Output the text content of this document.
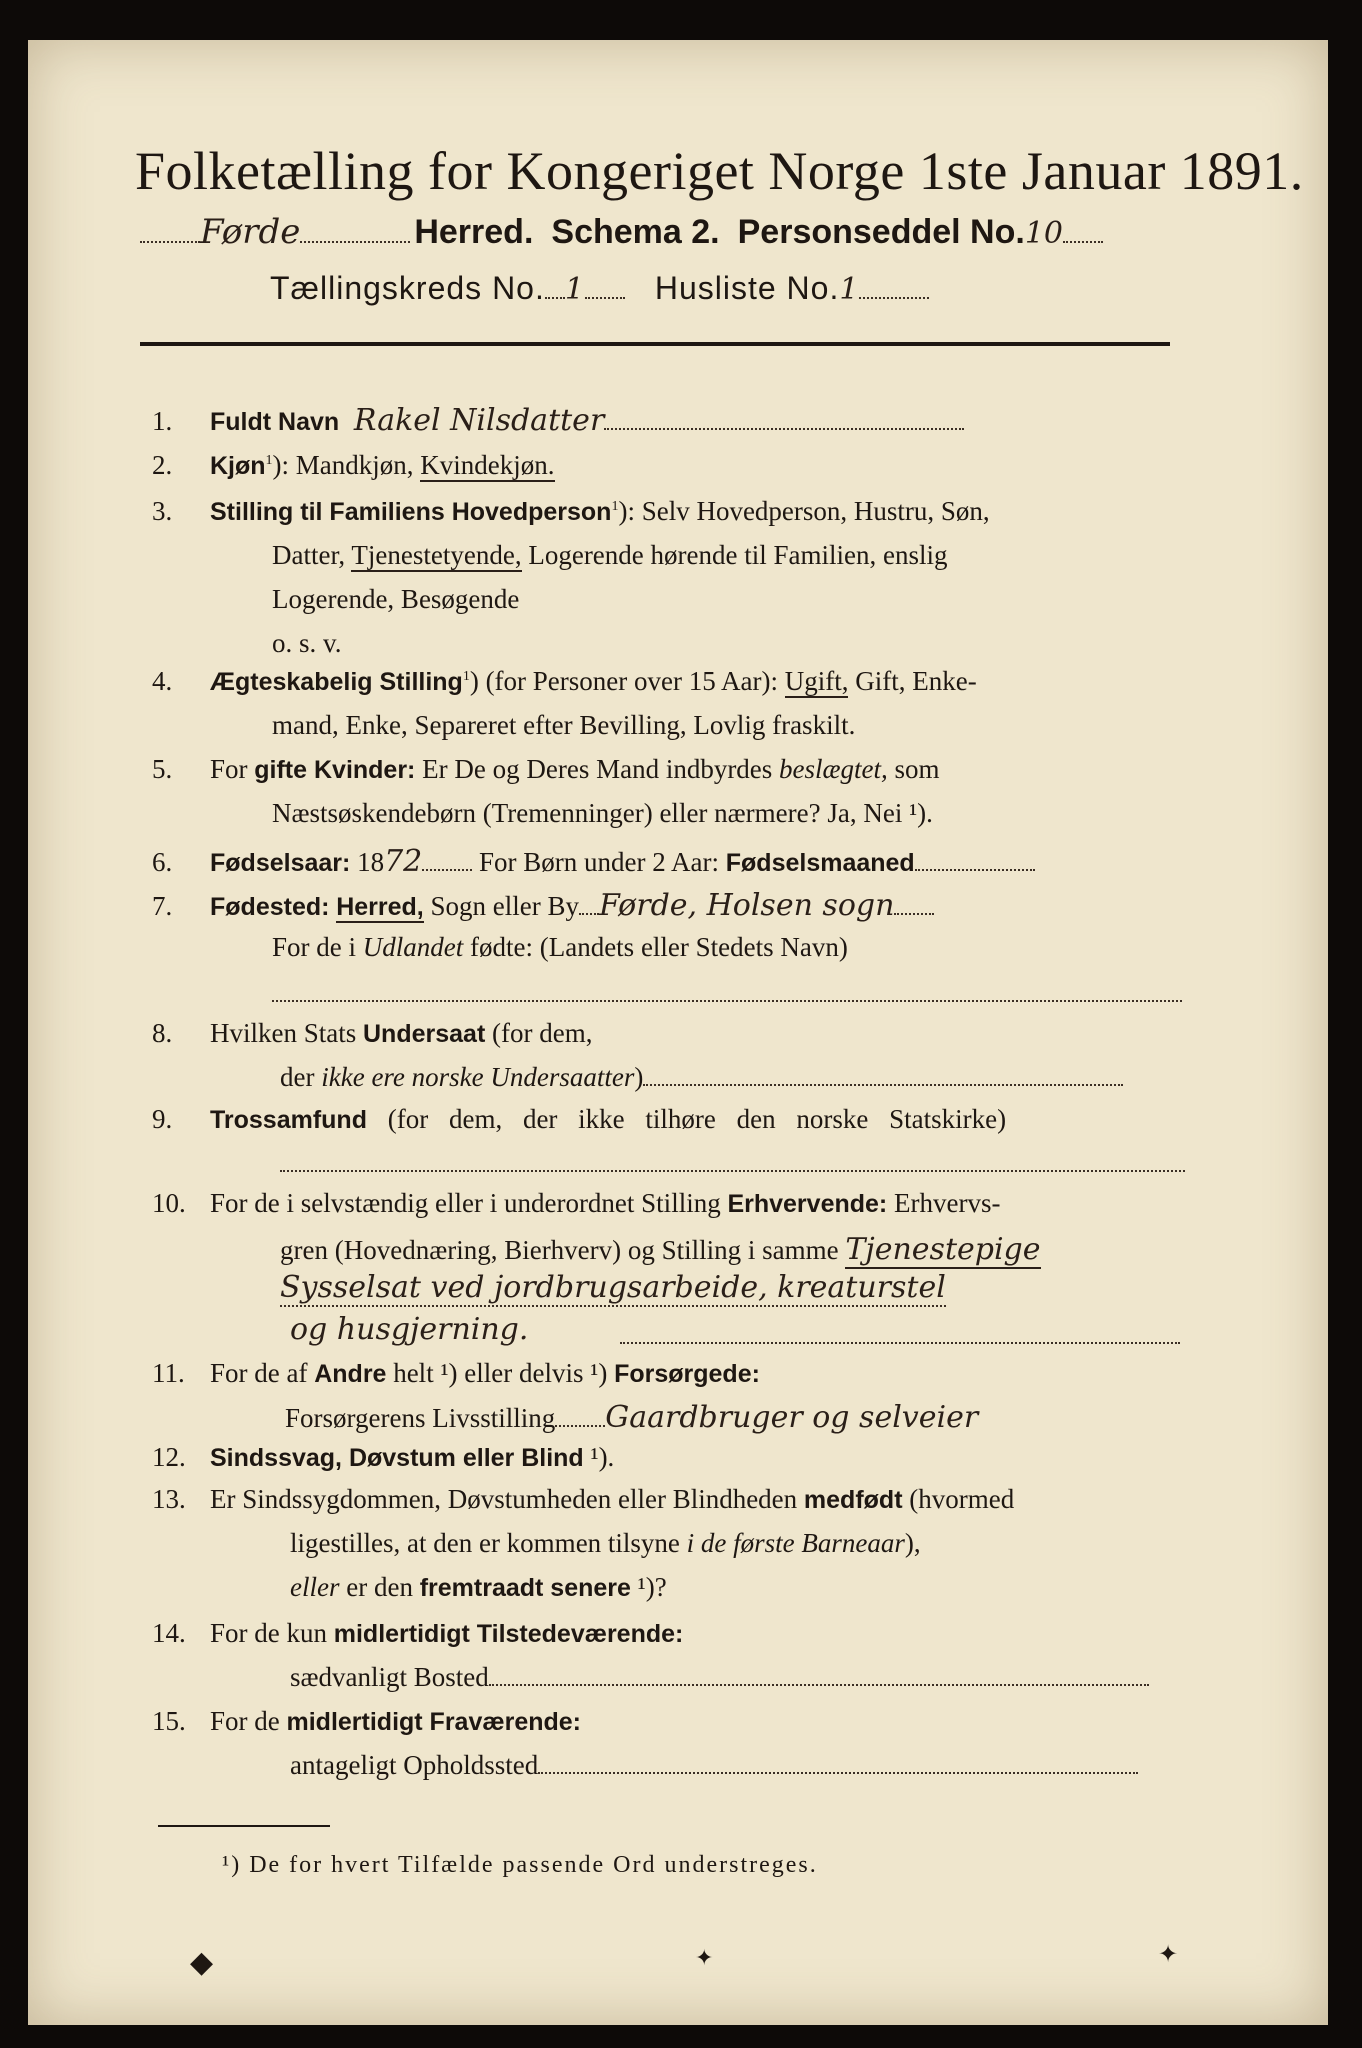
Folketælling for Kongeriget Norge 1ste Januar 1891.
Førde	Herred. Schema 2. Personseddel No.10
Tællingskreds No. 1 Husliste No.1
1. Fuldt Navn Rakel Nilsdatter
2. Kjøn$^1$): Mandkjøn, Kvindekjøn.
3. Stilling til Familiens Hovedperson$^1$): Selv Hovedperson, Hustru, Søn,
Datter, Tjenestetyende, Logerende hørende til Familien, enslig
Logerende, Besøgende
o. s. v.
4. Ægteskabelig Stilling$^1$) (for Personer over 15 Aar): Ugift, Gift, Enke-
mand, Enke, Separeret efter Bevilling, Lovlig fraskilt.
5. For gifte Kvinder: Er De og Deres Mand indbyrdes beslægtet, som
Næstsøskendebørn (Tremenninger) eller nærmere? Ja, Nei ¹).
6. Fødselsaar: 1872 For Børn under 2 Aar: Fødselsmaaned
7. Fødested: Herred, Sogn eller By Førde, Holsen sogn
For de i Udlandet fødte: (Landets eller Stedets Navn)
8. Hvilken Stats Undersaat (for dem,
der ikke ere norske Undersaatter)
9. Trossamfund (for dem, der ikke tilhøre den norske Statskirke)
10. For de i selvstændig eller i underordnet Stilling Erhvervende: Erhvervs-
gren (Hovednæring, Bierhverv) og Stilling i samme Tjenestepige
Sysselsat ved jordbrugsarbeide, kreaturstel
og husgjerning.
11. For de af Andre helt ¹) eller delvis ¹) Forsørgede:
Forsørgerens Livsstilling Gaardbruger og selveier
12. Sindssvag, Døvstum eller Blind ¹).
13. Er Sindssygdommen, Døvstumheden eller Blindheden medfødt (hvormed
ligestilles, at den er kommen tilsyne i de første Barneaar),
eller er den fremtraadt senere ¹)?
14. For de kun midlertidigt Tilstedeværende:
sædvanligt Bosted
15. For de midlertidigt Fraværende:
antageligt Opholdssted
¹) De for hvert Tilfælde passende Ord understreges.
◆	✦	✦
